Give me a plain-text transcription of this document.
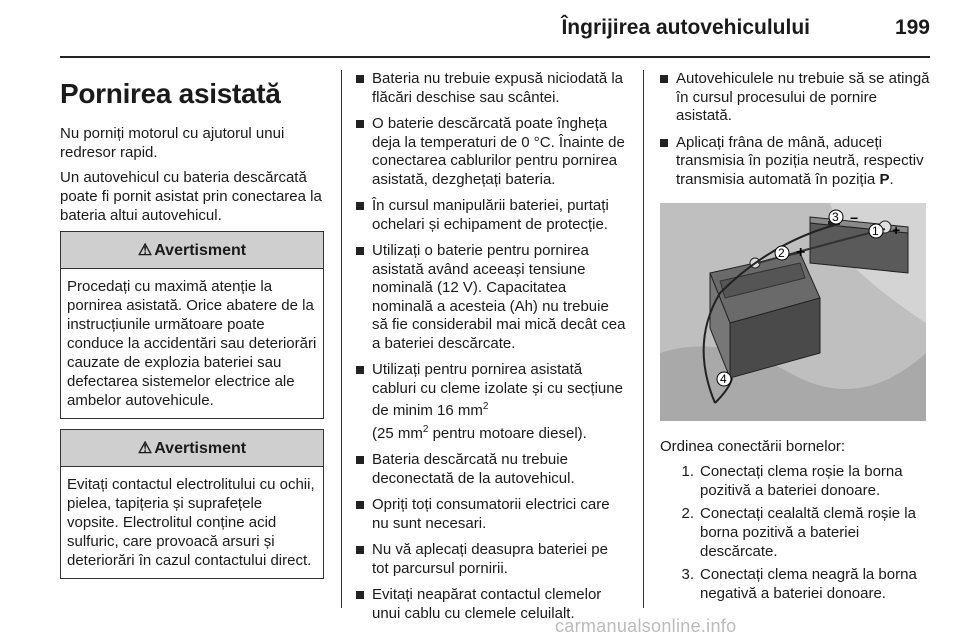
Îngrijirea autovehiculului	199
Pornirea asistată

Nu porniți motorul cu ajutorul unui redresor rapid.

Un autovehicul cu bateria descărcată poate fi pornit asistat prin conectarea la bateria altui autovehicul.

⚠ Avertisment
Procedați cu maximă atenție la pornirea asistată. Orice abatere de la instrucțiunile următoare poate conduce la accidentări sau deteriorări cauzate de explozia bateriei sau defectarea sistemelor electrice ale ambelor autovehicule.
⚠ Avertisment
Evitați contactul electrolitului cu ochii, pielea, tapițeria și suprafețele vopsite. Electrolitul conține acid sulfuric, care provoacă arsuri și deteriorări în cazul contactului direct.
Bateria nu trebuie expusă niciodată la flăcări deschise sau scântei.
O baterie descărcată poate îngheța deja la temperaturi de 0 °C. Înainte de conectarea cablurilor pentru pornirea asistată, dezghețați bateria.
În cursul manipulării bateriei, purtați ochelari și echipament de protecție.
Utilizați o baterie pentru pornirea asistată având aceeași tensiune nominală (12 V). Capacitatea nominală a acesteia (Ah) nu trebuie să fie considerabil mai mică decât cea a bateriei descărcate.
Utilizați pentru pornirea asistată cabluri cu cleme izolate și cu secțiune de minim 16 $mm^2$
(25 $mm^2$ pentru motoare diesel).
Bateria descărcată nu trebuie deconectată de la autovehicul.
Opriți toți consumatorii electrici care nu sunt necesari.
Nu vă aplecați deasupra bateriei pe tot parcursul pornirii.
Evitați neapărat contactul clemelor unui cablu cu clemele celuilalt.
Autovehiculele nu trebuie să se atingă în cursul procesului de pornire asistată.
Aplicați frâna de mână, aduceți transmisia în poziția neutră, respectiv transmisia automată în poziția P.
1
2
3
4
+
+
−

Ordinea conectării bornelor:

1. Conectați clema roșie la borna pozitivă a bateriei donoare.
2. Conectați cealaltă clemă roșie la borna pozitivă a bateriei descărcate.
3. Conectați clema neagră la borna negativă a bateriei donoare.
carmanualsonline.info
